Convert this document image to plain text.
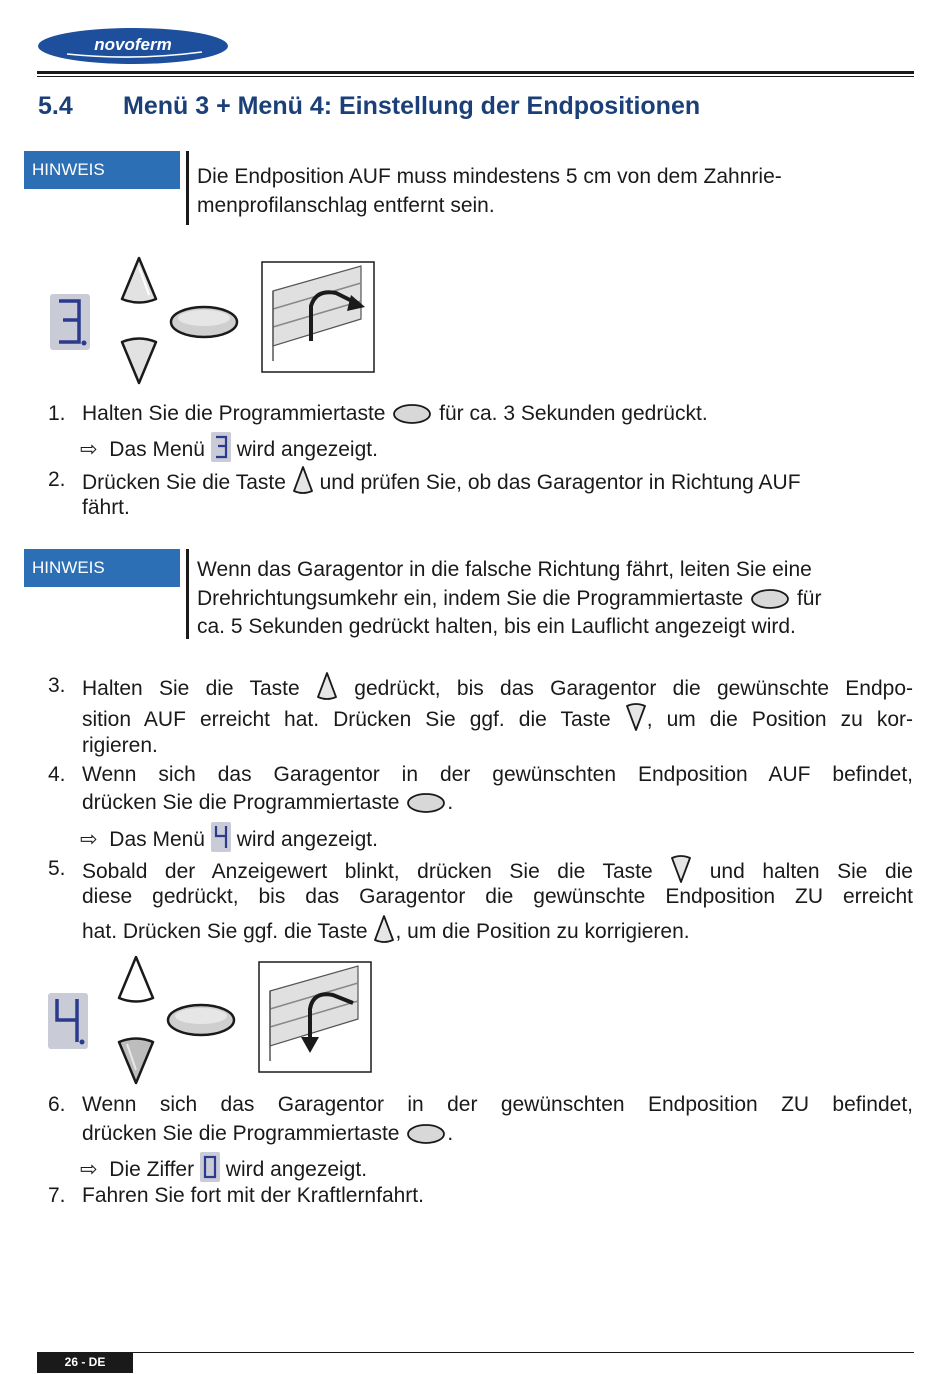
novoferm
5.4 Menü 3 + Menü 4: Einstellung der Endpositionen
HINWEIS	Die Endposition AUF muss mindestens 5 cm von dem Zahnrie-menprofilanschlag entfernt sein.
1. Halten Sie die Programmiertaste	für ca. 3 Sekunden gedrückt.
⇨ Das Menü wird angezeigt.
2. Drücken Sie die Taste und prüfen Sie, ob das Garagentor in Richtung AUF
fährt.
HINWEIS	Wenn das Garagentor in die falsche Richtung fährt, leiten Sie eine
Drehrichtungsumkehr ein, indem Sie die Programmiertaste	für
ca. 5 Sekunden gedrückt halten, bis ein Lauflicht angezeigt wird.
3. Halten Sie die Taste	gedrückt, bis das Garagentor die gewünschte Endpo-
sition AUF erreicht hat. Drücken Sie ggf. die Taste , um die Position zu kor-
rigieren.
4. Wenn sich das Garagentor in der gewünschten Endposition AUF befindet,
drücken Sie die Programmiertaste .
⇨ Das Menü wird angezeigt.
5. Sobald der Anzeigewert blinkt, drücken Sie die Taste	und halten Sie die
diese gedrückt, bis das Garagentor die gewünschte Endposition ZU erreicht
hat. Drücken Sie ggf. die Taste , um die Position zu korrigieren.
6. Wenn sich das Garagentor in der gewünschten Endposition ZU befindet,
drücken Sie die Programmiertaste .
⇨ Die Ziffer wird angezeigt.
7. Fahren Sie fort mit der Kraftlernfahrt.
26 - DE
